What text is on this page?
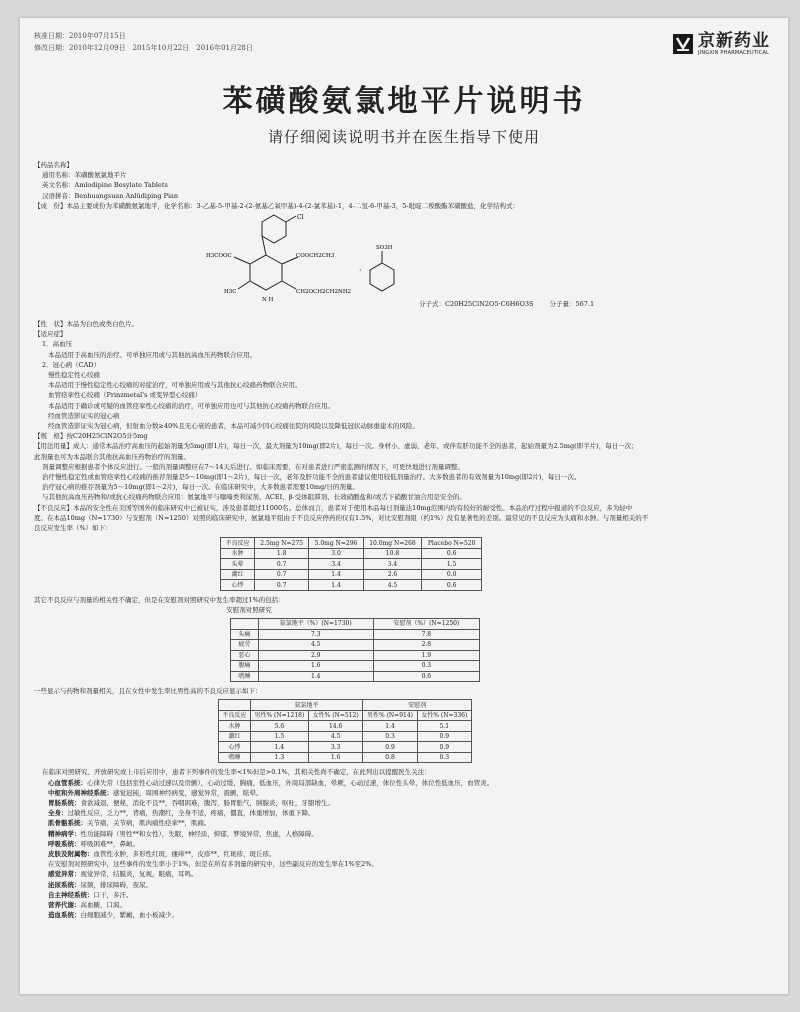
核准日期：2010年07月15日
修改日期：2010年12月09日　2015年10月22日　2016年01月28日	京新药业
JINGXIN PHARMACEUTICAL
苯磺酸氨氯地平片说明书
请仔细阅读说明书并在医生指导下使用

【药品名称】

通用名称：苯磺酸氨氯地平片

英文名称：Amlodipine Besylate Tablets

汉语拼音：Benhuangsuan Anlüdiping Pian

【成　份】本品主要成份为苯磺酸氨氯地平，化学名称：3-乙基-5-甲基-2-(2-氨基乙氧甲基)-4-(2-氯苯基)-1，4-二氢-6-甲基-3，5-吡啶二羧酸酯苯磺酸盐，化学结构式：

Cl
H3COOC	COOCH2CH3
H3C
N H
CH2OCH2CH2NH2
·
SO3H
分子式：C20H25ClN2O5·C6H6O3S 分子量：567.1

【性　状】本品为白色或类白色片。

【适应症】

1．高血压

本品适用于高血压的治疗。可单独应用或与其他抗高血压药物联合应用。

2．冠心病（CAD）

慢性稳定性心绞痛

本品适用于慢性稳定性心绞痛的对症治疗，可单独应用或与其他抗心绞痛药物联合应用。

血管痉挛性心绞痛（Prinzmetal's 或变异型心绞痛）

本品适用于确诊或可疑的血管痉挛性心绞痛的治疗，可单独应用也可与其他抗心绞痛药物联合应用。

经血管造影证实的冠心病

经血管造影证实为冠心病，但射血分数≥40%且无心衰的患者，本品可减少因心绞痛住院的风险以及降低冠状动脉重建术的风险。

【规　格】按C20H25ClN2O5计5mg

【用法用量】成人：通常本品治疗高血压的起始剂量为5mg(即1片)，每日一次，最大剂量为10mg(即2片)，每日一次。身材小、虚弱、老年、或伴有肝功能不全的患者，起始剂量为2.5mg(即半片)，每日一次；

此剂量也可为本品联合其他抗高血压药物治疗的剂量。

剂量调整应根据患者个体反应进行。一般的剂量调整应在7～14天后进行。如临床需要，在对患者进行严密监测的情况下，可更快地进行剂量调整。

治疗慢性稳定性或血管痉挛性心绞痛的推荐剂量是5～10mg(即1～2片)，每日一次，老年及肝功能不全的患者建议使用较低剂量治疗。大多数患者的有效剂量为10mg(即2片)，每日一次。

治疗冠心病的推荐剂量为5～10mg(即1～2片)，每日一次。在临床研究中，大多数患者需要10mg/日的剂量。

与其他抗高血压药物和/或抗心绞痛药物联合应用：氨氯地平与噻嗪类利尿剂、ACEI、β-受体阻滞剂、长效硝酸盐和/或舌下硝酸甘油合用是安全的。

【不良反应】本品的安全性在美国等国外的临床研究中已被证实，涉及患者超过11000名。总体而言，患者对于使用本品每日剂量达10mg范围内均有较好的耐受性。本品治疗过程中报道的不良反应，多为轻中

度。在本品10mg（N=1730）与安慰剂（N=1250）对照的临床研究中，氨氯地平组由于不良反应停药的仅有1.5%，对比安慰剂组（约1%）没有显著性的差别。最常见的不良反应为头痛和水肿。与剂量相关的不

良反应发生率（%）如下：

不良反应	2.5mg N=275	5.0mg N=296	10.0mg N=268	Placebo N=520
水肿	1.8	3.0	10.8	0.6
头晕	0.7	3.4	3.4	1.5
潮红	0.7	1.4	2.6	0.0
心悸	0.7	1.4	4.5	0.6

其它不良反应与剂量的相关性不确定，但是在安慰剂对照研究中发生率超过1%的包括：

安慰剂对照研究

	氨氯地平（%）(N=1730)	安慰剂（%）(N=1250)
头痛	7.3	7.8
疲劳	4.5	2.8
恶心	2.9	1.9
腹痛	1.6	0.3
嗜睡	1.4	0.6

一些显示与药物和剂量相关，且在女性中发生率比男性高的不良反应显示如下：

	氨氯地平		安慰剂	
不良反应	男性% (N=1218)	女性% (N=512)	男性% (N=914)	女性% (N=336)
水肿	5.6	14.6	1.4	5.1
潮红	1.5	4.5	0.3	0.9
心悸	1.4	3.3	0.9	0.9
嗜睡	1.3	1.6	0.8	0.3

在临床对照研究、开放研究或上市后应用中，患者下列事件的发生率<1%但是>0.1%，其相关性尚不确定，在此列出以提醒医生关注：

心血管系统：心律失常（包括室性心动过速以及房颤），心动过缓，胸痛，低血压，外周局部缺血，晕厥，心动过速，体位性头晕，体位性低血压，血管炎。

中枢和外周神经系统：感觉迟钝，周围神经病变，感觉异常，震颤，眩晕。

胃肠系统：食欲减退，便秘，消化不良**，吞咽困难，腹泻，肠胃胀气，胰腺炎，呕吐，牙龈增生。

全身：过敏性反应，乏力**，背痛，热潮红，全身不适，疼痛，僵直，体重增加，体重下降。

肌骨骼系统：关节痛，关节病，肌肉痛性痉挛**，肌痛。

精神病学：性功能障碍（男性**和女性），失眠，神经质，抑郁，梦境异常，焦虑，人格障碍。

呼吸系统：呼吸困难**，鼻衄。

皮肤及附属物：血管性水肿，多形性红斑，瘙痒**，皮疹**，红斑疹，斑丘疹。

在安慰剂对照研究中，这些事件的发生率小于1%，但是在所有多剂量的研究中，这些副反应的发生率在1%至2%。

感觉异常：视觉异常，结膜炎，复视，眼痛，耳鸣。

泌尿系统：尿频，排尿障碍，夜尿。

自主神经系统：口干，多汗。

营养代谢：高血糖，口渴。

造血系统：白细胞减少，紫癜，血小板减少。
